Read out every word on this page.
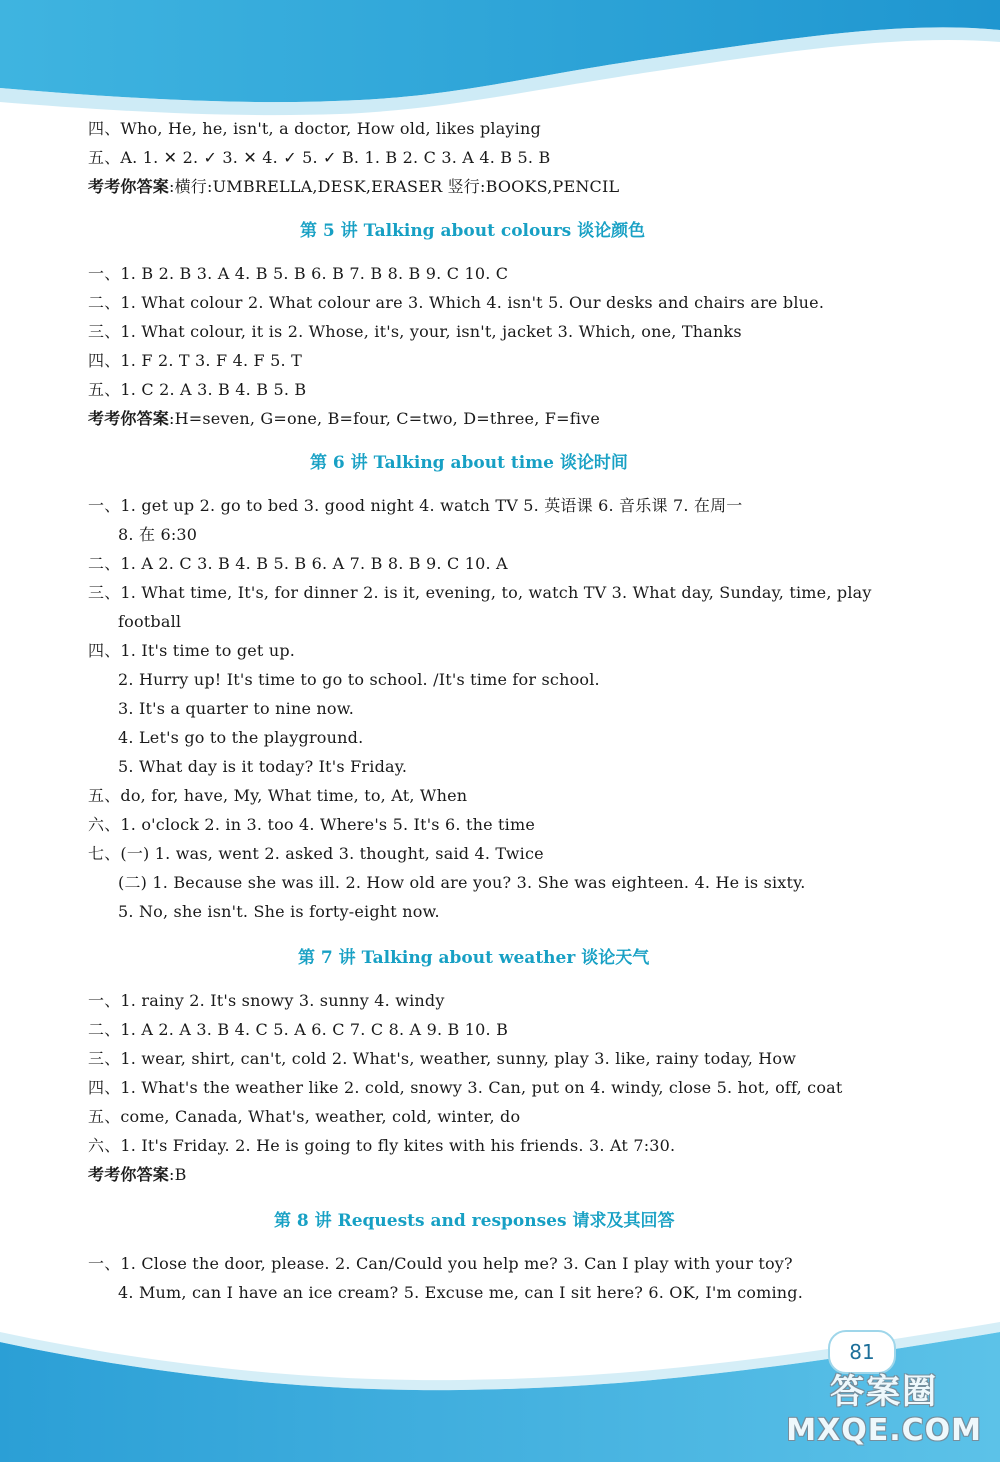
四、Who, He, he, isn't, a doctor, How old, likes playing
五、A. 1. ✕ 2. ✓ 3. ✕ 4. ✓ 5. ✓ B. 1. B 2. C 3. A 4. B 5. B
考考你答案:横行:UMBRELLA,DESK,ERASER 竖行:BOOKS,PENCIL
第 5 讲 Talking about colours 谈论颜色
一、1. B 2. B 3. A 4. B 5. B 6. B 7. B 8. B 9. C 10. C
二、1. What colour 2. What colour are 3. Which 4. isn't 5. Our desks and chairs are blue.
三、1. What colour, it is 2. Whose, it's, your, isn't, jacket 3. Which, one, Thanks
四、1. F 2. T 3. F 4. F 5. T
五、1. C 2. A 3. B 4. B 5. B
考考你答案:H=seven, G=one, B=four, C=two, D=three, F=five
第 6 讲 Talking about time 谈论时间
一、1. get up 2. go to bed 3. good night 4. watch TV 5. 英语课 6. 音乐课 7. 在周一
8. 在 6:30
二、1. A 2. C 3. B 4. B 5. B 6. A 7. B 8. B 9. C 10. A
三、1. What time, It's, for dinner 2. is it, evening, to, watch TV 3. What day, Sunday, time, play
football
四、1. It's time to get up.
2. Hurry up! It's time to go to school. /It's time for school.
3. It's a quarter to nine now.
4. Let's go to the playground.
5. What day is it today? It's Friday.
五、do, for, have, My, What time, to, At, When
六、1. o'clock 2. in 3. too 4. Where's 5. It's 6. the time
七、(一) 1. was, went 2. asked 3. thought, said 4. Twice
(二) 1. Because she was ill. 2. How old are you? 3. She was eighteen. 4. He is sixty.
5. No, she isn't. She is forty-eight now.
第 7 讲 Talking about weather 谈论天气
一、1. rainy 2. It's snowy 3. sunny 4. windy
二、1. A 2. A 3. B 4. C 5. A 6. C 7. C 8. A 9. B 10. B
三、1. wear, shirt, can't, cold 2. What's, weather, sunny, play 3. like, rainy today, How
四、1. What's the weather like 2. cold, snowy 3. Can, put on 4. windy, close 5. hot, off, coat
五、come, Canada, What's, weather, cold, winter, do
六、1. It's Friday. 2. He is going to fly kites with his friends. 3. At 7:30.
考考你答案:B
第 8 讲 Requests and responses 请求及其回答
一、1. Close the door, please. 2. Can/Could you help me? 3. Can I play with your toy?
4. Mum, can I have an ice cream? 5. Excuse me, can I sit here? 6. OK, I'm coming.
81
答案圈
MXQE.COM
